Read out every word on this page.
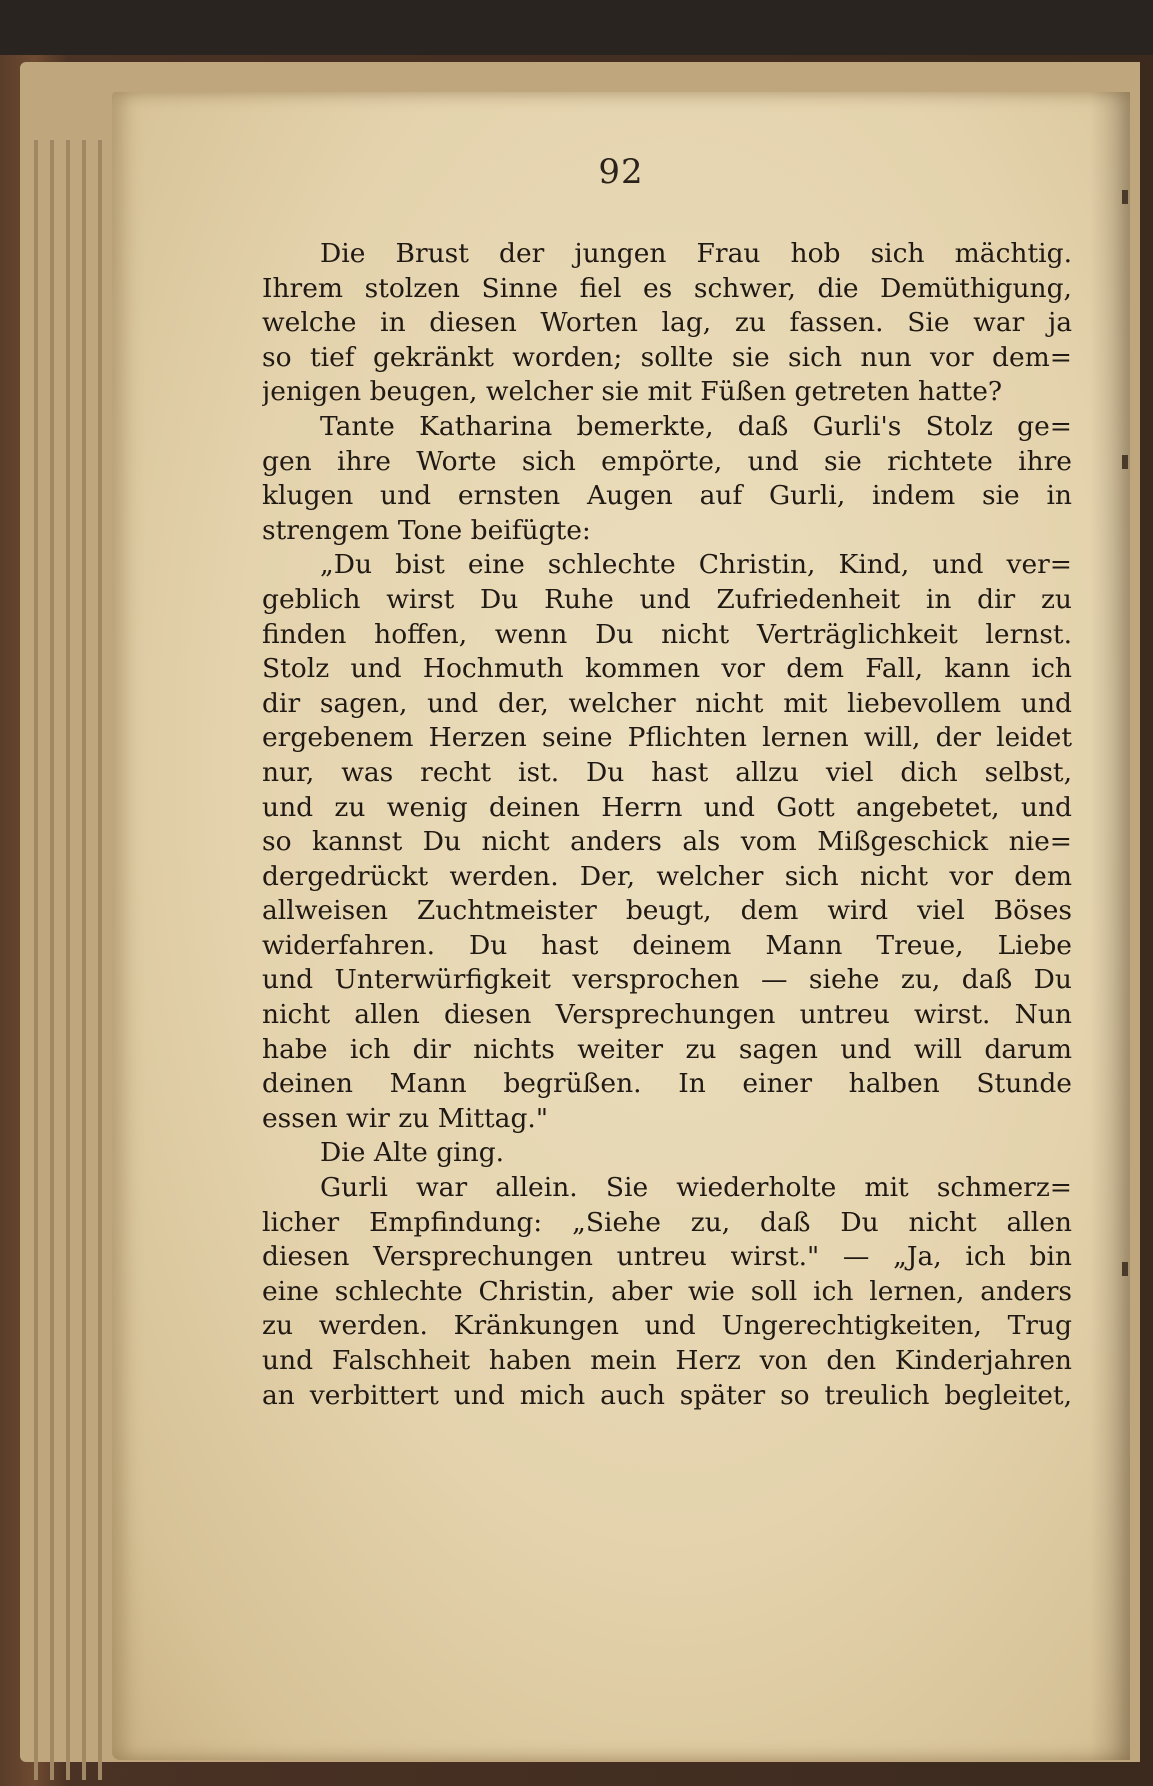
92
Die Brust der jungen Frau hob sich mächtig.
Ihrem stolzen Sinne fiel es schwer, die Demüthigung,
welche in diesen Worten lag, zu fassen. Sie war ja
so tief gekränkt worden; sollte sie sich nun vor dem=
jenigen beugen, welcher sie mit Füßen getreten hatte?
Tante Katharina bemerkte, daß Gurli's Stolz ge=
gen ihre Worte sich empörte, und sie richtete ihre
klugen und ernsten Augen auf Gurli, indem sie in
strengem Tone beifügte:
„Du bist eine schlechte Christin, Kind, und ver=
geblich wirst Du Ruhe und Zufriedenheit in dir zu
finden hoffen, wenn Du nicht Verträglichkeit lernst.
Stolz und Hochmuth kommen vor dem Fall, kann ich
dir sagen, und der, welcher nicht mit liebevollem und
ergebenem Herzen seine Pflichten lernen will, der leidet
nur, was recht ist. Du hast allzu viel dich selbst,
und zu wenig deinen Herrn und Gott angebetet, und
so kannst Du nicht anders als vom Mißgeschick nie=
dergedrückt werden. Der, welcher sich nicht vor dem
allweisen Zuchtmeister beugt, dem wird viel Böses
widerfahren. Du hast deinem Mann Treue, Liebe
und Unterwürfigkeit versprochen — siehe zu, daß Du
nicht allen diesen Versprechungen untreu wirst. Nun
habe ich dir nichts weiter zu sagen und will darum
deinen Mann begrüßen. In einer halben Stunde
essen wir zu Mittag."
Die Alte ging.
Gurli war allein. Sie wiederholte mit schmerz=
licher Empfindung: „Siehe zu, daß Du nicht allen
diesen Versprechungen untreu wirst." — „Ja, ich bin
eine schlechte Christin, aber wie soll ich lernen, anders
zu werden. Kränkungen und Ungerechtigkeiten, Trug
und Falschheit haben mein Herz von den Kinderjahren
an verbittert und mich auch später so treulich begleitet,
